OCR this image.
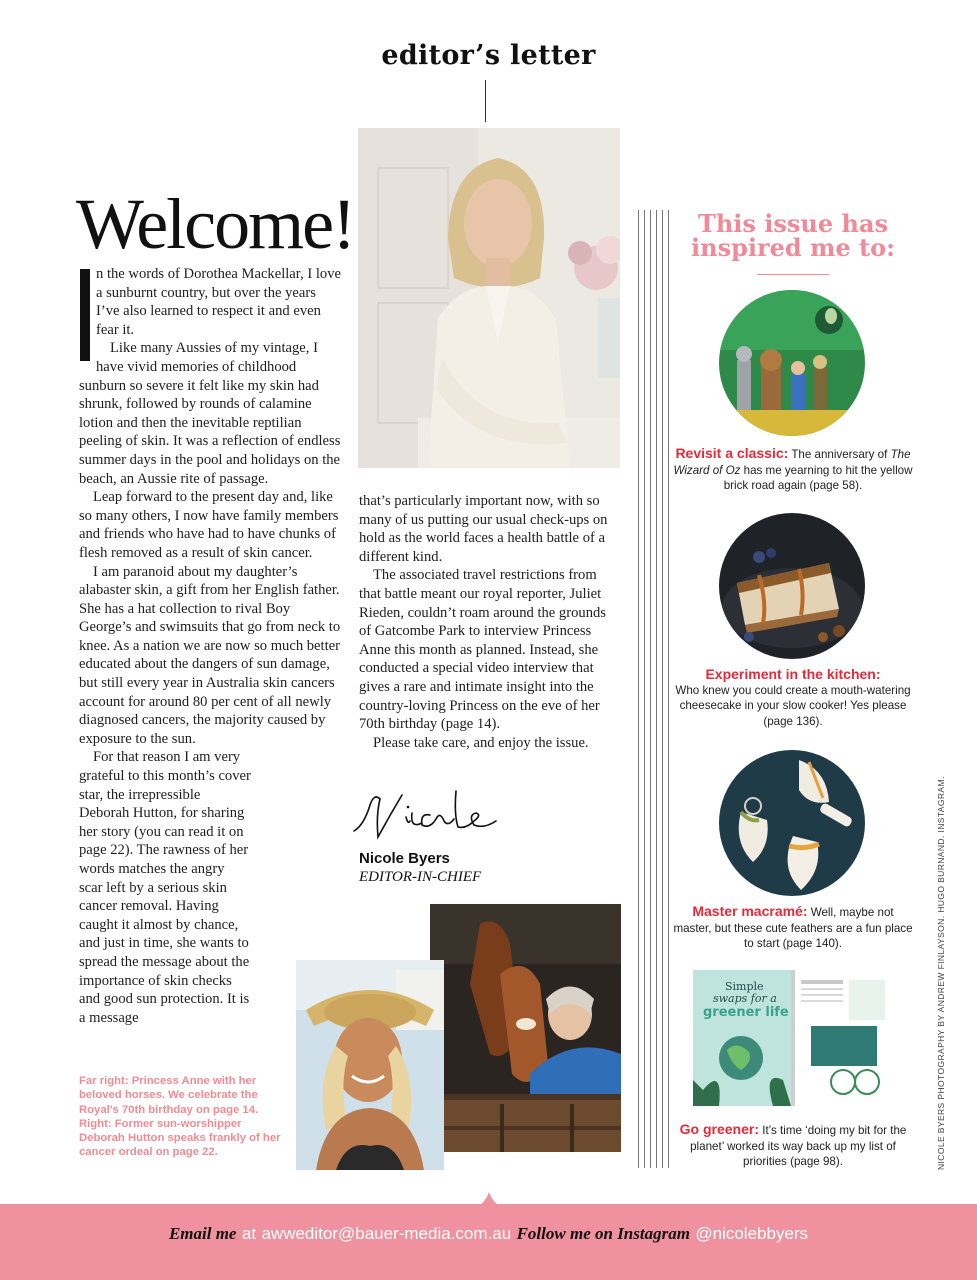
editor’s letter
Welcome!

n the words of Dorothea Mackellar, I love a sunburnt country, but over the years I’ve also learned to respect it and even fear it.

Like many Aussies of my vintage, I have vivid memories of childhood sunburn so severe it felt like my skin had shrunk, followed by rounds of calamine lotion and then the inevitable reptilian peeling of skin. It was a reflection of endless summer days in the pool and holidays on the beach, an Aussie rite of passage.

Leap forward to the present day and, like so many others, I now have family members and friends who have had to have chunks of flesh removed as a result of skin cancer.

I am paranoid about my daughter’s alabaster skin, a gift from her English father. She has a hat collection to rival Boy George’s and swimsuits that go from neck to knee. As a nation we are now so much better educated about the dangers of sun damage, but still every year in Australia skin cancers account for around 80 per cent of all newly diagnosed cancers, the majority caused by exposure to the sun.

For that reason I am very grateful to this month’s cover star, the irrepressible Deborah Hutton, for sharing her story (you can read it on page 22). The rawness of her words matches the angry scar left by a serious skin cancer removal. Having caught it almost by chance, and just in time, she wants to spread the message about the importance of skin checks and good sun protection. It is a message

that’s particularly important now, with so many of us putting our usual check-ups on hold as the world faces a health battle of a different kind.

The associated travel restrictions from that battle meant our royal reporter, Juliet Rieden, couldn’t roam around the grounds of Gatcombe Park to interview Princess Anne this month as planned. Instead, she conducted a special video interview that gives a rare and intimate insight into the country-loving Princess on the eve of her 70th birthday (page 14).

Please take care, and enjoy the issue.

Nicole Byers
EDITOR-IN-CHIEF
Far right: Princess Anne with her beloved horses. We celebrate the Royal’s 70th birthday on page 14. Right: Former sun-worshipper Deborah Hutton speaks frankly of her cancer ordeal on page 22.
This issue has
inspired me to:
Revisit a classic: The anniversary of The Wizard of Oz has me yearning to hit the yellow brick road again (page 58).
Experiment in the kitchen:
Who knew you could create a mouth-watering cheesecake in your slow cooker! Yes please (page 136).
Master macramé: Well, maybe not master, but these cute feathers are a fun place to start (page 140).
Simple
swaps for a
greener life
Go greener: It’s time ‘doing my bit for the planet’ worked its way back up my list of priorities (page 98).	NICOLE BYERS PHOTOGRAPHY BY ANDREW FINLAYSON. HUGO BURNAND. INSTAGRAM.
Email me at awweditor@bauer-media.com.au Follow me on Instagram @nicolebbyers
